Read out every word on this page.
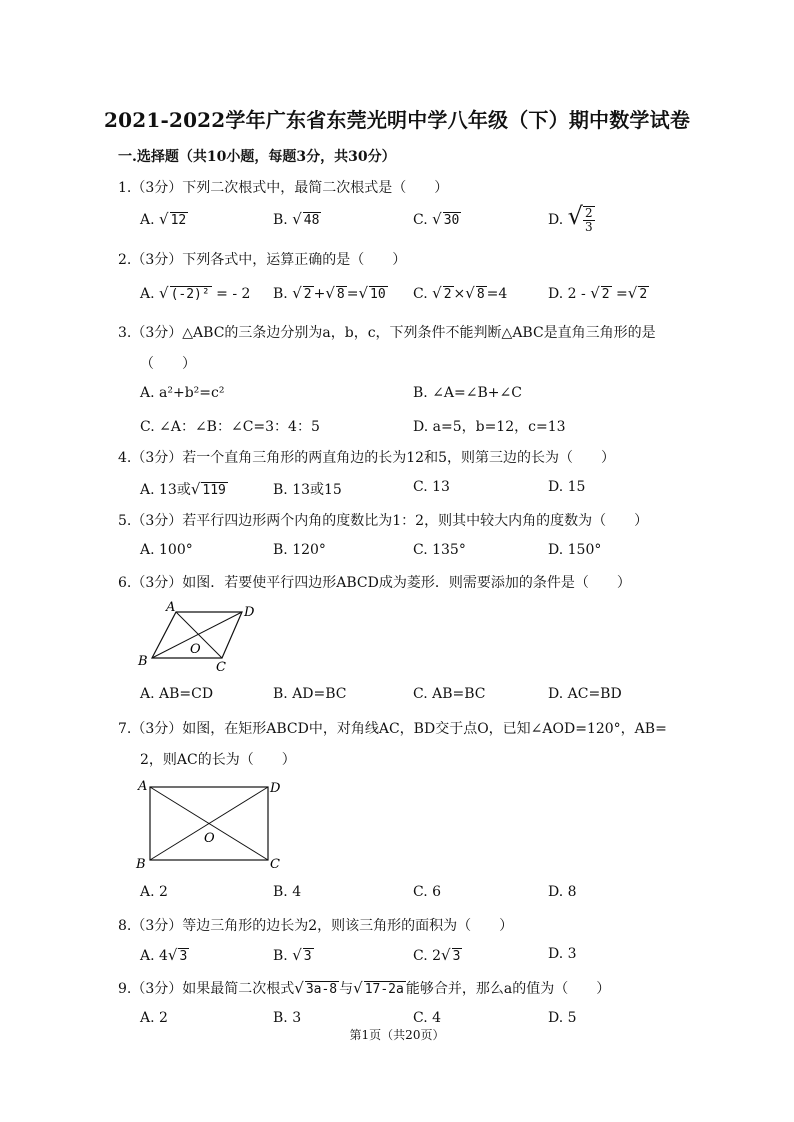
2021-2022学年广东省东莞光明中学八年级（下）期中数学试卷
一.选择题（共10小题，每题3分，共30分）
1.（3分）下列二次根式中，最简二次根式是（　　）
A. √ 12	B. √ 48	C. √ 30	D. √ $\frac{2}{3}$
2.（3分）下列各式中，运算正确的是（　　）
A. √ (-2)² = - 2 B. √ 2 +√ 8 =√ 10 C. √ 2 ×√ 8 =4	D. 2 - √ 2 =√ 2
3.（3分）△ABC的三条边分别为a，b，c，下列条件不能判断△ABC是直角三角形的是
（　　）
A. a²+b²=c²	B. ∠A=∠B+∠C
C. ∠A：∠B：∠C=3：4：5	D. a=5，b=12，c=13
4.（3分）若一个直角三角形的两直角边的长为12和5，则第三边的长为（　　）
A. 13或√ 119	B. 13或15	C. 13	D. 15
5.（3分）若平行四边形两个内角的度数比为1：2，则其中较大内角的度数为（　　）
A. 100°	B. 120°	C. 135°	D. 150°
6.（3分）如图．若要使平行四边形ABCD成为菱形．则需要添加的条件是（　　）
A	D
B	C
O
A. AB=CD	B. AD=BC	C. AB=BC	D. AC=BD
7.（3分）如图，在矩形ABCD中，对角线AC，BD交于点O，已知∠AOD=120°，AB=
2，则AC的长为（　　）
A	D
B	C
O
A. 2	B. 4	C. 6	D. 8
8.（3分）等边三角形的边长为2，则该三角形的面积为（　　）
A. 4√ 3	B. √ 3	C. 2√ 3	D. 3
9.（3分）如果最简二次根式√ 3a-8 与√ 17-2a 能够合并，那么a的值为（　　）
A. 2	B. 3	C. 4	D. 5
第1页（共20页）
